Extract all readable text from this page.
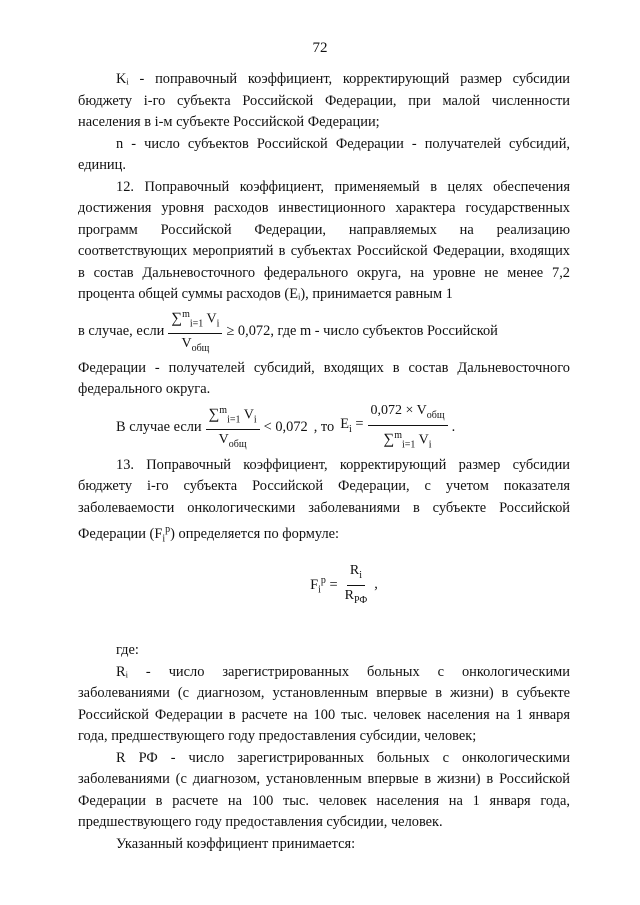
72

Kᵢ - поправочный коэффициент, корректирующий размер субсидии бюджету i-го субъекта Российской Федерации, при малой численности населения в i-м субъекте Российской Федерации;

n - число субъектов Российской Федерации - получателей субсидий, единиц.

12. Поправочный коэффициент, применяемый в целях обеспечения достижения уровня расходов инвестиционного характера государственных программ Российской Федерации, направляемых на реализацию соответствующих мероприятий в субъектах Российской Федерации, входящих в состав Дальневосточного федерального округа, на уровне не менее 7,2 процента общей суммы расходов (Eᵢ), принимается равным 1

в случае, если $\frac{\sum^m_{i=1} V_i}{V_{общ}} \ge 0,072$ , где m - число субъектов Российской

Федерации - получателей субсидий, входящих в состав Дальневосточного федерального округа.

В случае если $\frac{\sum^m_{i=1} V_i}{V_{общ}} < 0,072$ , то $E_i = \frac{0,072 \times V_{общ}}{\sum^m_{i=1} V_i}$ .

13. Поправочный коэффициент, корректирующий размер субсидии бюджету i-го субъекта Российской Федерации, с учетом показателя заболеваемости онкологическими заболеваниями в субъекте Российской Федерации $(F_i^p)$ определяется по формуле:

$F_i^p = \frac{R_i}{R_{РФ}}$ ,

где:

Rᵢ - число зарегистрированных больных с онкологическими заболеваниями (с диагнозом, установленным впервые в жизни) в субъекте Российской Федерации в расчете на 100 тыс. человек населения на 1 января года, предшествующего году предоставления субсидии, человек;

R РФ - число зарегистрированных больных с онкологическими заболеваниями (с диагнозом, установленным впервые в жизни) в Российской Федерации в расчете на 100 тыс. человек населения на 1 января года, предшествующего году предоставления субсидии, человек.

Указанный коэффициент принимается:
